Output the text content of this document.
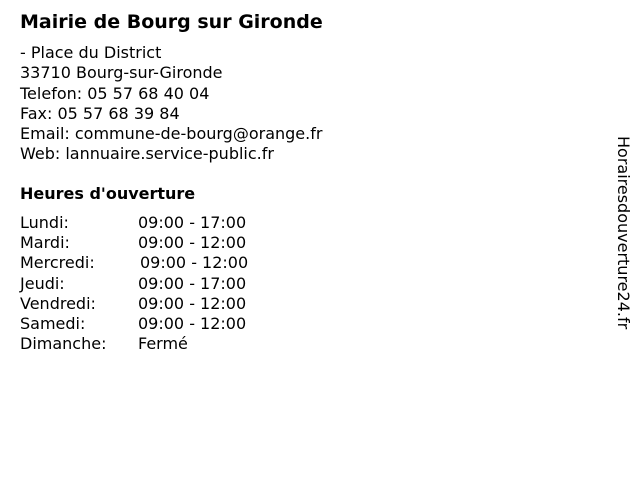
Mairie de Bourg sur Gironde
- Place du District
33710 Bourg-sur-Gironde
Telefon: 05 57 68 40 04
Fax: 05 57 68 39 84
Email: commune-de-bourg@orange.fr
Web: lannuaire.service-public.fr
Heures d'ouverture
Lundi:	09:00 - 17:00
Mardi:	09:00 - 12:00
Mercredi:	09:00 - 12:00
Jeudi:	09:00 - 17:00
Vendredi:	09:00 - 12:00
Samedi:	09:00 - 12:00
Dimanche: Fermé
Horairesdouverture24.fr
